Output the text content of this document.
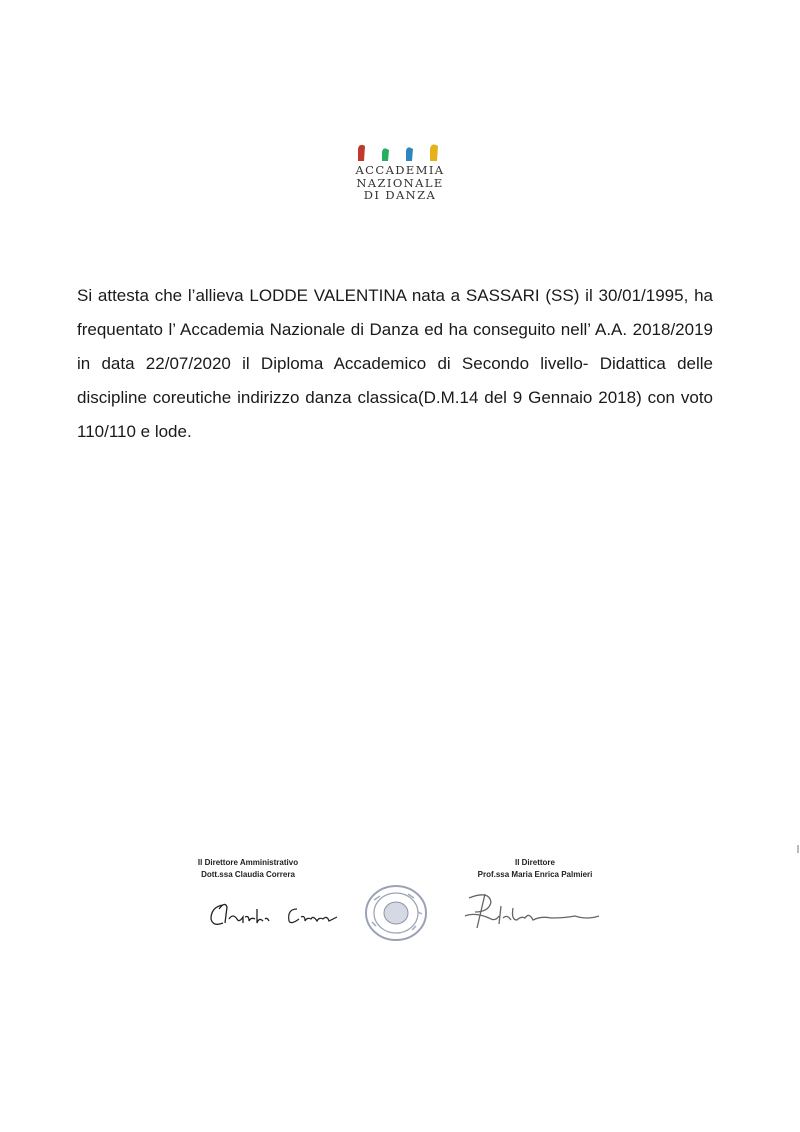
ACCADEMIA
NAZIONALE
DI DANZA
Si attesta che l’allieva LODDE VALENTINA nata a SASSARI (SS) il 30/01/1995, ha frequentato l’ Accademia Nazionale di Danza ed ha conseguito nell’ A.A. 2018/2019 in data 22/07/2020 il Diploma Accademico di Secondo livello- Didattica delle discipline coreutiche indirizzo danza classica(D.M.14 del 9 Gennaio 2018) con voto 110/110 e lode.
Il Direttore Amministrativo
Dott.ssa Claudia Correra
Il Direttore
Prof.ssa Maria Enrica Palmieri
